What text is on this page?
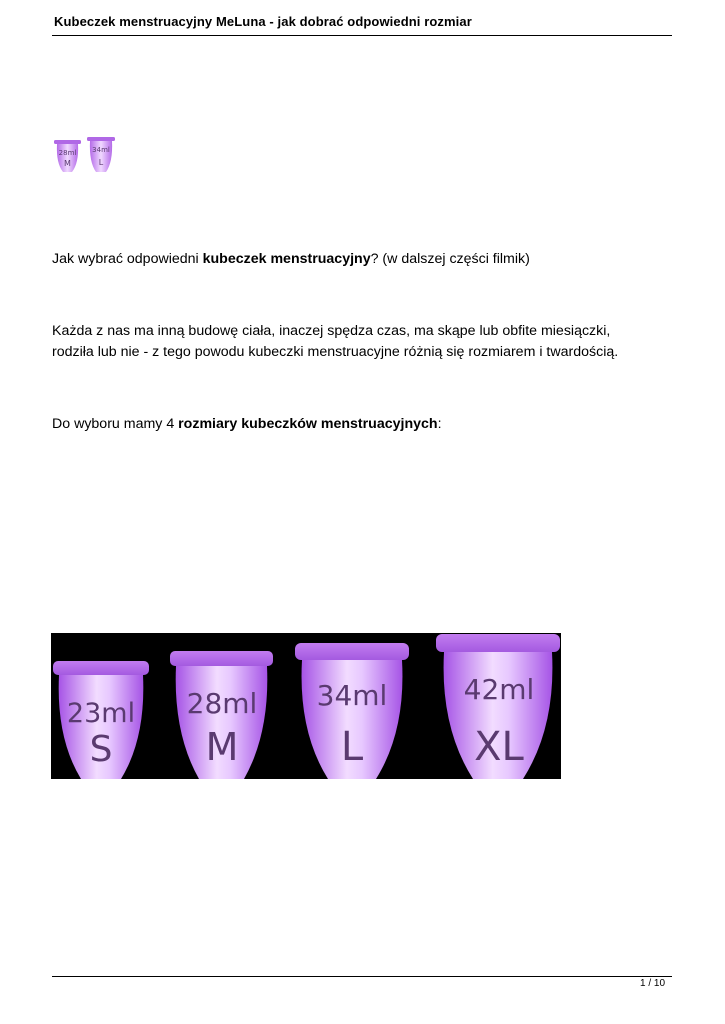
Kubeczek menstruacyjny MeLuna - jak dobrać odpowiedni rozmiar
28ml
M
34ml
L
Jak wybrać odpowiedni kubeczek menstruacyjny? (w dalszej części filmik)
Każda z nas ma inną budowę ciała, inaczej spędza czas, ma skąpe lub obfite miesiączki,
rodziła lub nie - z tego powodu kubeczki menstruacyjne różnią się rozmiarem i twardością.
Do wyboru mamy 4 rozmiary kubeczków menstruacyjnych:
23ml
S
28ml
M
34ml
L
42ml
XL
1 / 10
